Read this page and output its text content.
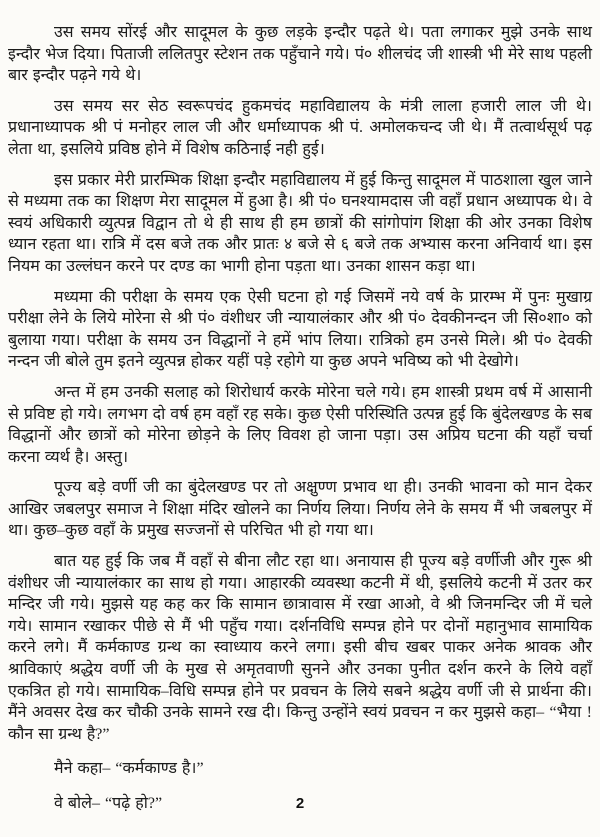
उस समय सोंरई और सादूमल के कुछ लड़के इन्दौर पढ़ते थे। पता लगाकर मुझे उनके साथ इन्दौर भेज दिया। पिताजी ललितपुर स्टेशन तक पहुँचाने गये। पं० शीलचंद जी शास्त्री भी मेरे साथ पहली बार इन्दौर पढ़ने गये थे।

उस समय सर सेठ स्वरूपचंद हुकमचंद महाविद्यालय के मंत्री लाला हजारी लाल जी थे। प्रधानाध्यापक श्री पं मनोहर लाल जी और धर्माध्यापक श्री पं. अमोलकचन्द जी थे। मैं तत्वार्थसूर्थ पढ़ लेता था, इसलिये प्रविष्ठ होने में विशेष कठिनाई नही हुई।

इस प्रकार मेरी प्रारम्भिक शिक्षा इन्दौर महाविद्यालय में हुई किन्तु सादूमल में पाठशाला खुल जाने से मध्यमा तक का शिक्षण मेरा सादूमल में हुआ है। श्री पं० घनश्यामदास जी वहाँ प्रधान अध्यापक थे। वे स्वयं अधिकारी व्युत्पन्न विद्वान तो थे ही साथ ही हम छात्रों की सांगोपांग शिक्षा की ओर उनका विशेष ध्यान रहता था। रात्रि में दस बजे तक और प्रातः ४ बजे से ६ बजे तक अभ्यास करना अनिवार्य था। इस नियम का उल्लंघन करने पर दण्ड का भागी होना पड़ता था। उनका शासन कड़ा था।

मध्यमा की परीक्षा के समय एक ऐसी घटना हो गई जिसमें नये वर्ष के प्रारम्भ में पुनः मुखाग्र परीक्षा लेने के लिये मोरेना से श्री पं० वंशीधर जी न्यायालंकार और श्री पं० देवकीनन्दन जी सि०शा० को बुलाया गया। परीक्षा के समय उन विद्धानों ने हमें भांप लिया। रात्रिको हम उनसे मिले। श्री पं० देवकी नन्दन जी बोले तुम इतने व्युत्पन्न होकर यहीं पड़े रहोगे या कुछ अपने भविष्य को भी देखोगे।

अन्त में हम उनकी सलाह को शिरोधार्य करके मोरेना चले गये। हम शास्त्री प्रथम वर्ष में आसानी से प्रविष्ट हो गये। लगभग दो वर्ष हम वहाँ रह सके। कुछ ऐसी परिस्थिति उत्पन्न हुई कि बुंदेलखण्ड के सब विद्धानों और छात्रों को मोरेना छोड़ने के लिए विवश हो जाना पड़ा। उस अप्रिय घटना की यहाँ चर्चा करना व्यर्थ है। अस्तु।

पूज्य बड़े वर्णी जी का बुंदेलखण्ड पर तो अक्षुण्ण प्रभाव था ही। उनकी भावना को मान देकर आखिर जबलपुर समाज ने शिक्षा मंदिर खोलने का निर्णय लिया। निर्णय लेने के समय मैं भी जबलपुर में था। कुछ–कुछ वहाँ के प्रमुख सज्जनों से परिचित भी हो गया था।

बात यह हुई कि जब मैं वहाँ से बीना लौट रहा था। अनायास ही पूज्य बड़े वर्णीजी और गुरू श्री वंशीधर जी न्यायालंकार का साथ हो गया। आहारकी व्यवस्था कटनी में थी, इसलिये कटनी में उतर कर मन्दिर जी गये। मुझसे यह कह कर कि सामान छात्रावास में रखा आओ, वे श्री जिनमन्दिर जी में चले गये। सामान रखाकर पीछे से मैं भी पहुँच गया। दर्शनविधि सम्पन्न होने पर दोनों महानुभाव सामायिक करने लगे। मैं कर्मकाण्ड ग्रन्थ का स्वाध्याय करने लगा। इसी बीच खबर पाकर अनेक श्रावक और श्राविकाएं श्रद्धेय वर्णी जी के मुख से अमृतवाणी सुनने और उनका पुनीत दर्शन करने के लिये वहाँ एकत्रित हो गये। सामायिक–विधि सम्पन्न होने पर प्रवचन के लिये सबने श्रद्धेय वर्णी जी से प्रार्थना की। मैंने अवसर देख कर चौकी उनके सामने रख दी। किन्तु उन्होंने स्वयं प्रवचन न कर मुझसे कहा– “भैया ! कौन सा ग्रन्थ है?”

मैने कहा– “कर्मकाण्ड है।”

वे बोले– “पढ़े हो?”	2
